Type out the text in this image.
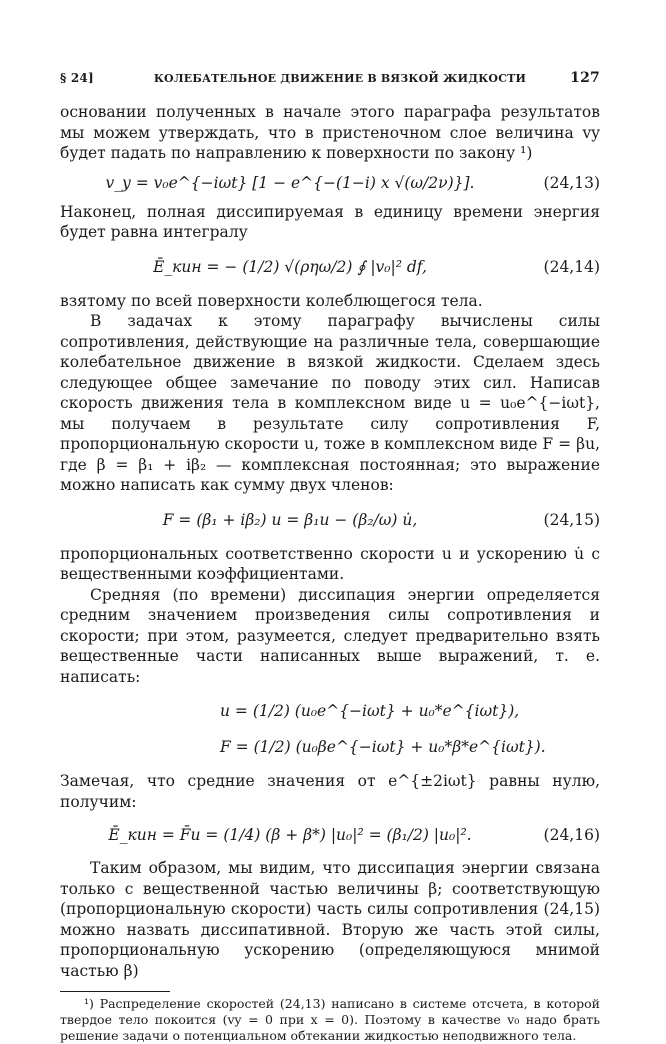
§ 24]	КОЛЕБАТЕЛЬНОЕ ДВИЖЕНИЕ В ВЯЗКОЙ ЖИДКОСТИ	127

основании полученных в начале этого параграфа результатов мы можем утверждать, что в пристеночном слое величина vy будет падать по направлению к поверхности по закону ¹)

v_y = v₀e^{−iωt} [1 − e^{−(1−i) x √(ω/2ν)}].	(24,13)

Наконец, полная диссипируемая в единицу времени энергия будет равна интегралу

Ē_кин = − (1/2) √(ρηω/2) ∮ |v₀|² df,	(24,14)

взятому по всей поверхности колеблющегося тела.

В задачах к этому параграфу вычислены силы сопротивления, действующие на различные тела, совершающие колебательное движение в вязкой жидкости. Сделаем здесь следующее общее замечание по поводу этих сил. Написав скорость движения тела в комплексном виде u = u₀e^{−iωt}, мы получаем в результате силу сопротивления F, пропорциональную скорости u, тоже в комплексном виде F = βu, где β = β₁ + iβ₂ — комплексная постоянная; это выражение можно написать как сумму двух членов:

F = (β₁ + iβ₂) u = β₁u − (β₂/ω) u̇,	(24,15)

пропорциональных соответственно скорости u и ускорению u̇ с вещественными коэффициентами.

Средняя (по времени) диссипация энергии определяется средним значением произведения силы сопротивления и скорости; при этом, разумеется, следует предварительно взять вещественные части написанных выше выражений, т. е. написать:

u = (1/2) (u₀e^{−iωt} + u₀*e^{iωt}),
F = (1/2) (u₀βe^{−iωt} + u₀*β*e^{iωt}).

Замечая, что средние значения от e^{±2iωt} равны нулю, получим:

Ē_кин = F̄u = (1/4) (β + β*) |u₀|² = (β₁/2) |u₀|².	(24,16)

Таким образом, мы видим, что диссипация энергии связана только с вещественной частью величины β; соответствующую (пропорциональную скорости) часть силы сопротивления (24,15) можно назвать диссипативной. Вторую же часть этой силы, пропорциональную ускорению (определяющуюся мнимой частью β)

¹) Распределение скоростей (24,13) написано в системе отсчета, в которой твердое тело покоится (vy = 0 при x = 0). Поэтому в качестве v₀ надо брать решение задачи о потенциальном обтекании жидкостью неподвижного тела.
